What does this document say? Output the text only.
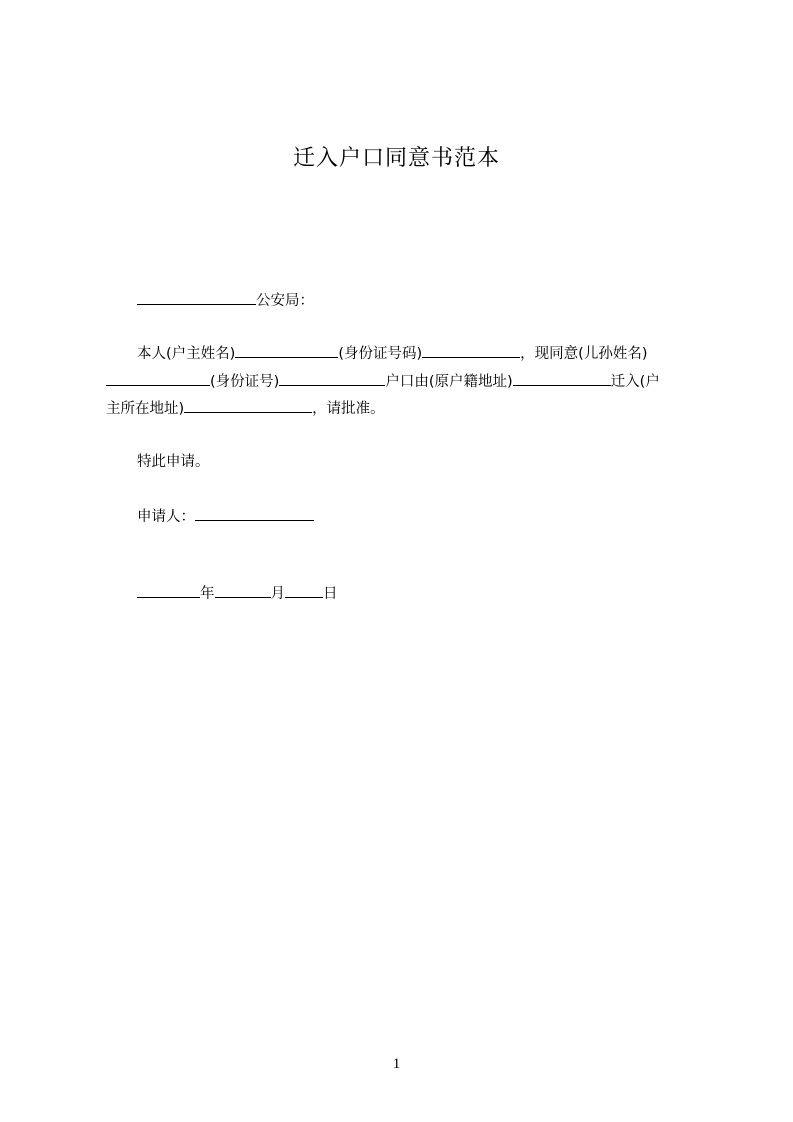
迁入户口同意书范本
公安局：
本人(户主姓名)	(身份证号码)	，现同意(儿孙姓名)
(身份证号)	户口由(原户籍地址)	迁入(户
主所在地址)	，请批准。
特此申请。
申请人：
年	月	日
1
